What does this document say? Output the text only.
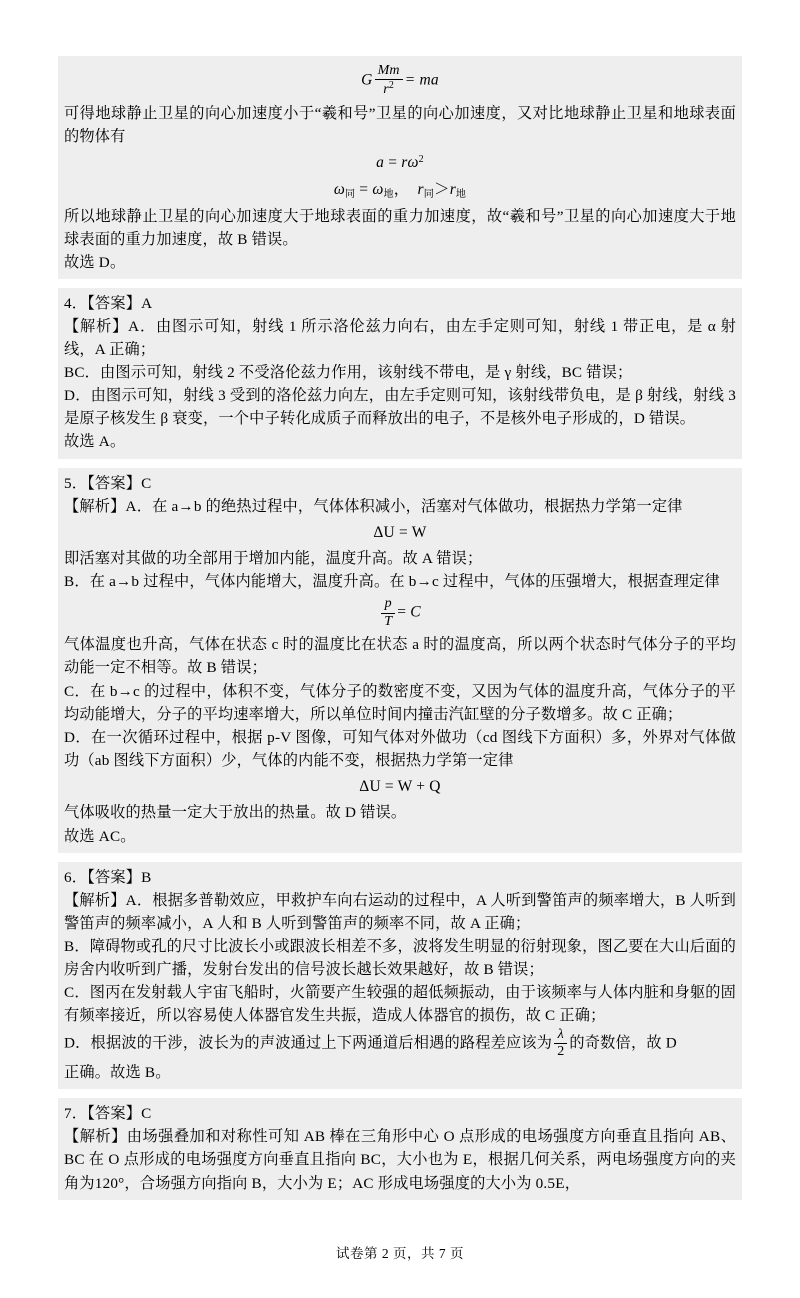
G $\frac{Mm}{r^2}$ = ma

可得地球静止卫星的向心加速度小于“羲和号”卫星的向心加速度，又对比地球静止卫星和地球表面的物体有

$a = r\omega^2$

$\omega_同 = \omega_地$，  $r_同>r_地$

所以地球静止卫星的向心加速度大于地球表面的重力加速度，故“羲和号”卫星的向心加速度大于地球表面的重力加速度，故 B 错误。

故选 D。

4．【答案】A

【解析】A．由图示可知，射线 1 所示洛伦兹力向右，由左手定则可知，射线 1 带正电，是 α 射线，A 正确；

BC．由图示可知，射线 2 不受洛伦兹力作用，该射线不带电，是 γ 射线，BC 错误；

D．由图示可知，射线 3 受到的洛伦兹力向左，由左手定则可知，该射线带负电，是 β 射线，射线 3 是原子核发生 β 衰变，一个中子转化成质子而释放出的电子，不是核外电子形成的，D 错误。

故选 A。

5．【答案】C

【解析】A．在 a→b 的绝热过程中，气体体积减小，活塞对气体做功，根据热力学第一定律

ΔU = W

即活塞对其做的功全部用于增加内能，温度升高。故 A 错误；

B．在 a→b 过程中，气体内能增大，温度升高。在 b→c 过程中，气体的压强增大，根据查理定律

$\frac{p}{T} = C$

气体温度也升高，气体在状态 c 时的温度比在状态 a 时的温度高，所以两个状态时气体分子的平均动能一定不相等。故 B 错误；

C．在 b→c 的过程中，体积不变，气体分子的数密度不变，又因为气体的温度升高，气体分子的平均动能增大，分子的平均速率增大，所以单位时间内撞击汽缸壁的分子数增多。故 C 正确；

D．在一次循环过程中，根据 p-V 图像，可知气体对外做功（cd 图线下方面积）多，外界对气体做功（ab 图线下方面积）少，气体的内能不变，根据热力学第一定律

ΔU = W + Q

气体吸收的热量一定大于放出的热量。故 D 错误。

故选 AC。

6．【答案】B

【解析】A．根据多普勒效应，甲救护车向右运动的过程中，A 人听到警笛声的频率增大，B 人听到警笛声的频率减小，A 人和 B 人听到警笛声的频率不同，故 A 正确；

B．障碍物或孔的尺寸比波长小或跟波长相差不多，波将发生明显的衍射现象，图乙要在大山后面的房舍内收听到广播，发射台发出的信号波长越长效果越好，故 B 错误；

C．图丙在发射载人宇宙飞船时，火箭要产生较强的超低频振动，由于该频率与人体内脏和身躯的固有频率接近，所以容易使人体器官发生共振，造成人体器官的损伤，故 C 正确；

D．根据波的干涉，波长为的声波通过上下两通道后相遇的路程差应该为 $\frac{\lambda}{2}$ 的奇数倍，故 D

正确。故选 B。

7．【答案】C

【解析】由场强叠加和对称性可知 AB 棒在三角形中心 O 点形成的电场强度方向垂直且指向 AB、BC 在 O 点形成的电场强度方向垂直且指向 BC，大小也为 E，根据几何关系，两电场强度方向的夹角为120°，合场强方向指向 B，大小为 E；AC 形成电场强度的大小为 0.5E，

试卷第 2 页，共 7 页
